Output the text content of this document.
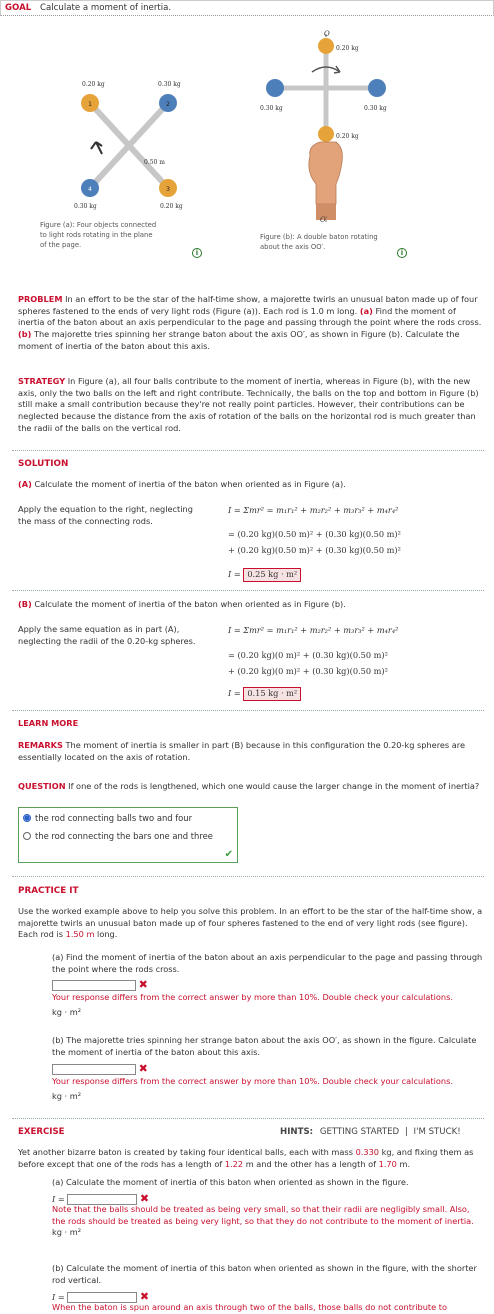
GOAL Calculate a moment of inertia.
1	2
4	3
0.20 kg	0.30 kg
0.30 kg	0.20 kg
0.50 m
Figure (a): Four objects connected
to light rods rotating in the plane
of the page.
i
O
0.20 kg
0.30 kg	0.30 kg
0.20 kg
O′
Figure (b): A double baton rotating
about the axis OO′.
i
PROBLEM In an effort to be the star of the half-time show, a majorette twirls an unusual baton made up of four spheres fastened to the ends of very light rods (Figure (a)). Each rod is 1.0 m long. (a) Find the moment of inertia of the baton about an axis perpendicular to the page and passing through the point where the rods cross. (b) The majorette tries spinning her strange baton about the axis OO′, as shown in Figure (b). Calculate the moment of inertia of the baton about this axis.
STRATEGY In Figure (a), all four balls contribute to the moment of inertia, whereas in Figure (b), with the new axis, only the two balls on the left and right contribute. Technically, the balls on the top and bottom in Figure (b) still make a small contribution because they're not really point particles. However, their contributions can be neglected because the distance from the axis of rotation of the balls on the horizontal rod is much greater than the radii of the balls on the vertical rod.
SOLUTION
(A) Calculate the moment of inertia of the baton when oriented as in Figure (a).
Apply the equation to the right, neglecting the mass of the connecting rods.
I = Σmr² = m₁r₁² + m₂r₂² + m₃r₃² + m₄r₄²
= (0.20 kg)(0.50 m)² + (0.30 kg)(0.50 m)²
+ (0.20 kg)(0.50 m)² + (0.30 kg)(0.50 m)²
I = 0.25 kg · m²
(B) Calculate the moment of inertia of the baton when oriented as in Figure (b).
Apply the same equation as in part (A), neglecting the radii of the 0.20-kg spheres.
I = Σmr² = m₁r₁² + m₂r₂² + m₃r₃² + m₄r₄²
= (0.20 kg)(0 m)² + (0.30 kg)(0.50 m)²
+ (0.20 kg)(0 m)² + (0.30 kg)(0.50 m)²
I = 0.15 kg · m²
LEARN MORE
REMARKS The moment of inertia is smaller in part (B) because in this configuration the 0.20-kg spheres are essentially located on the axis of rotation.
QUESTION If one of the rods is lengthened, which one would cause the larger change in the moment of inertia?
the rod connecting balls two and four
the rod connecting the bars one and three
✔
PRACTICE IT
Use the worked example above to help you solve this problem. In an effort to be the star of the half-time show, a majorette twirls an unusual baton made up of four spheres fastened to the end of very light rods (see figure). Each rod is 1.50 m long.
(a) Find the moment of inertia of the baton about an axis perpendicular to the page and passing through the point where the rods cross.
✖
Your response differs from the correct answer by more than 10%. Double check your calculations.
kg · m²
(b) The majorette tries spinning her strange baton about the axis OO′, as shown in the figure. Calculate the moment of inertia of the baton about this axis.
✖
Your response differs from the correct answer by more than 10%. Double check your calculations.
kg · m²
EXERCISE	HINTS: GETTING STARTED | I'M STUCK!
Yet another bizarre baton is created by taking four identical balls, each with mass 0.330 kg, and fixing them as before except that one of the rods has a length of 1.22 m and the other has a length of 1.70 m.
(a) Calculate the moment of inertia of this baton when oriented as shown in the figure.
I =	✖
Note that the balls should be treated as being very small, so that their radii are negligibly small. Also, the rods should be treated as being very light, so that they do not contribute to the moment of inertia. kg · m²
(b) Calculate the moment of inertia of this baton when oriented as shown in the figure, with the shorter rod vertical.
I =	✖
When the baton is spun around an axis through two of the balls, those balls do not contribute to
